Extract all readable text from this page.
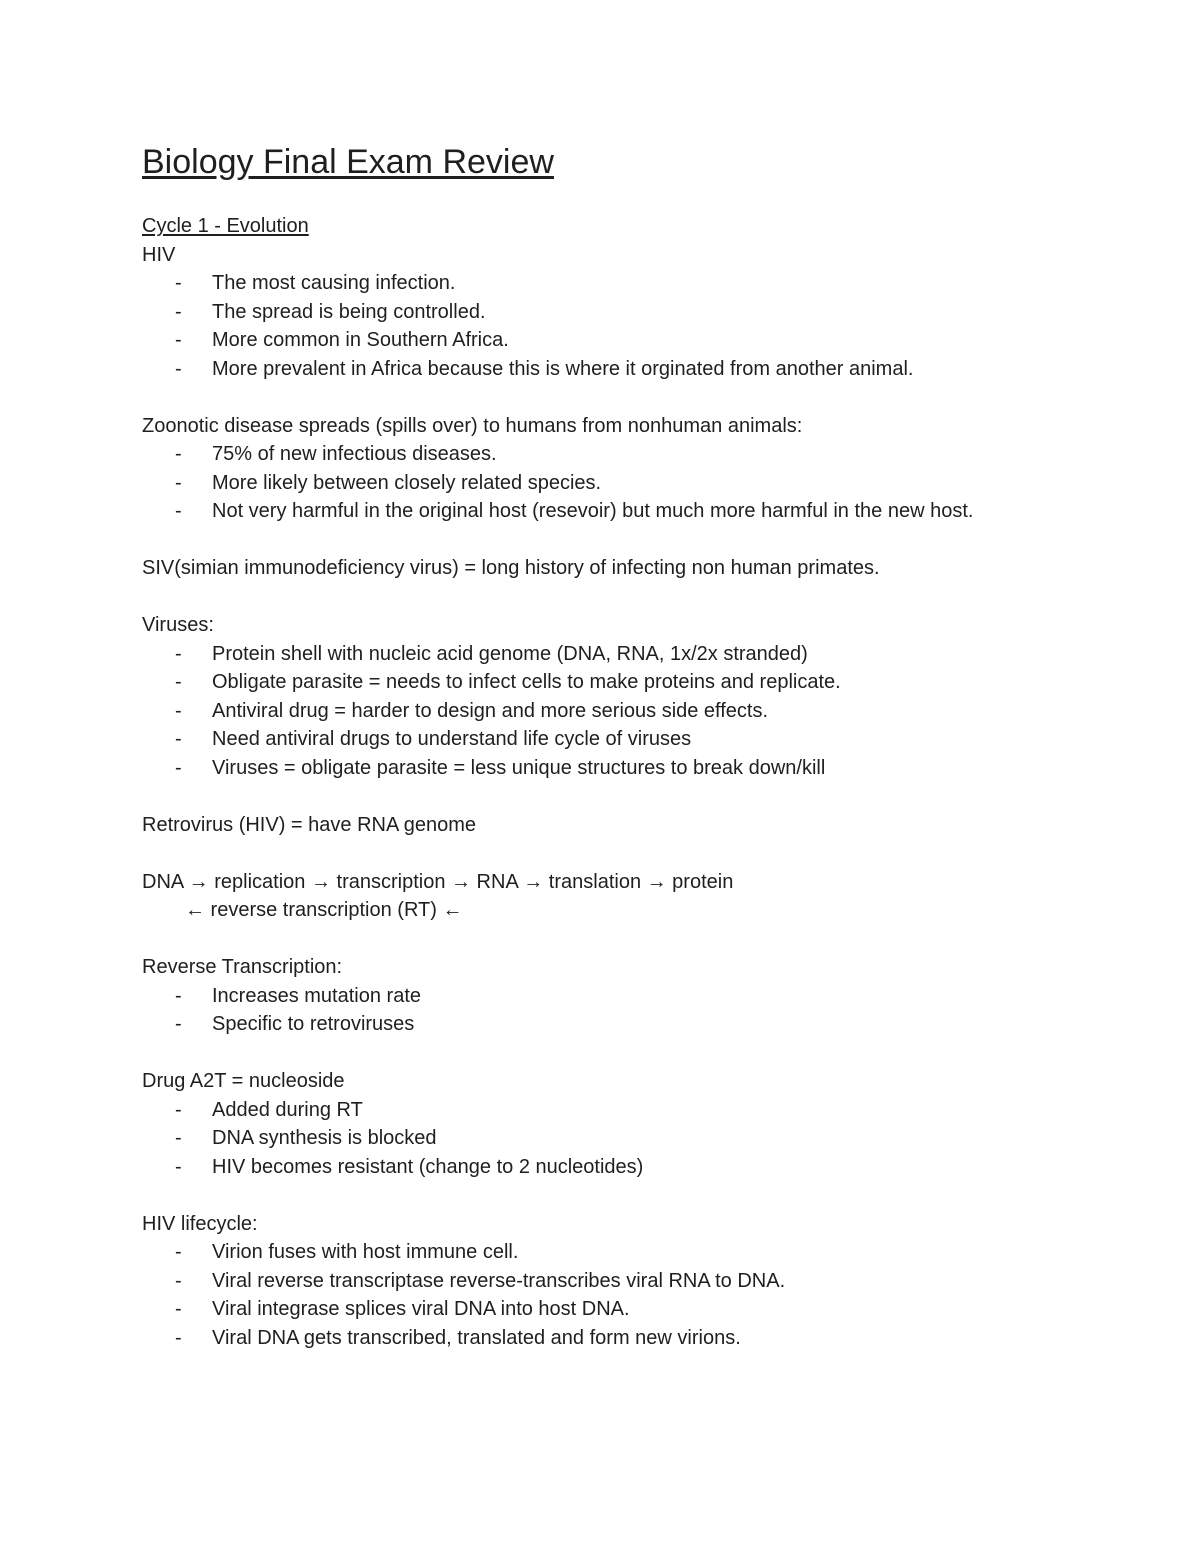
Biology Final Exam Review
Cycle 1 - Evolution
HIV
- The most causing infection.
- The spread is being controlled.
- More common in Southern Africa.
- More prevalent in Africa because this is where it orginated from another animal.
Zoonotic disease spreads (spills over) to humans from nonhuman animals:
- 75% of new infectious diseases.
- More likely between closely related species.
- Not very harmful in the original host (resevoir) but much more harmful in the new host.
SIV(simian immunodeficiency virus) = long history of infecting non human primates.
Viruses:
- Protein shell with nucleic acid genome (DNA, RNA, 1x/2x stranded)
- Obligate parasite = needs to infect cells to make proteins and replicate.
- Antiviral drug = harder to design and more serious side effects.
- Need antiviral drugs to understand life cycle of viruses
- Viruses = obligate parasite = less unique structures to break down/kill
Retrovirus (HIV) = have RNA genome
DNA → replication → transcription → RNA → translation → protein
← reverse transcription (RT) ←
Reverse Transcription:
- Increases mutation rate
- Specific to retroviruses
Drug A2T = nucleoside
- Added during RT
- DNA synthesis is blocked
- HIV becomes resistant (change to 2 nucleotides)
HIV lifecycle:
- Virion fuses with host immune cell.
- Viral reverse transcriptase reverse-transcribes viral RNA to DNA.
- Viral integrase splices viral DNA into host DNA.
- Viral DNA gets transcribed, translated and form new virions.
